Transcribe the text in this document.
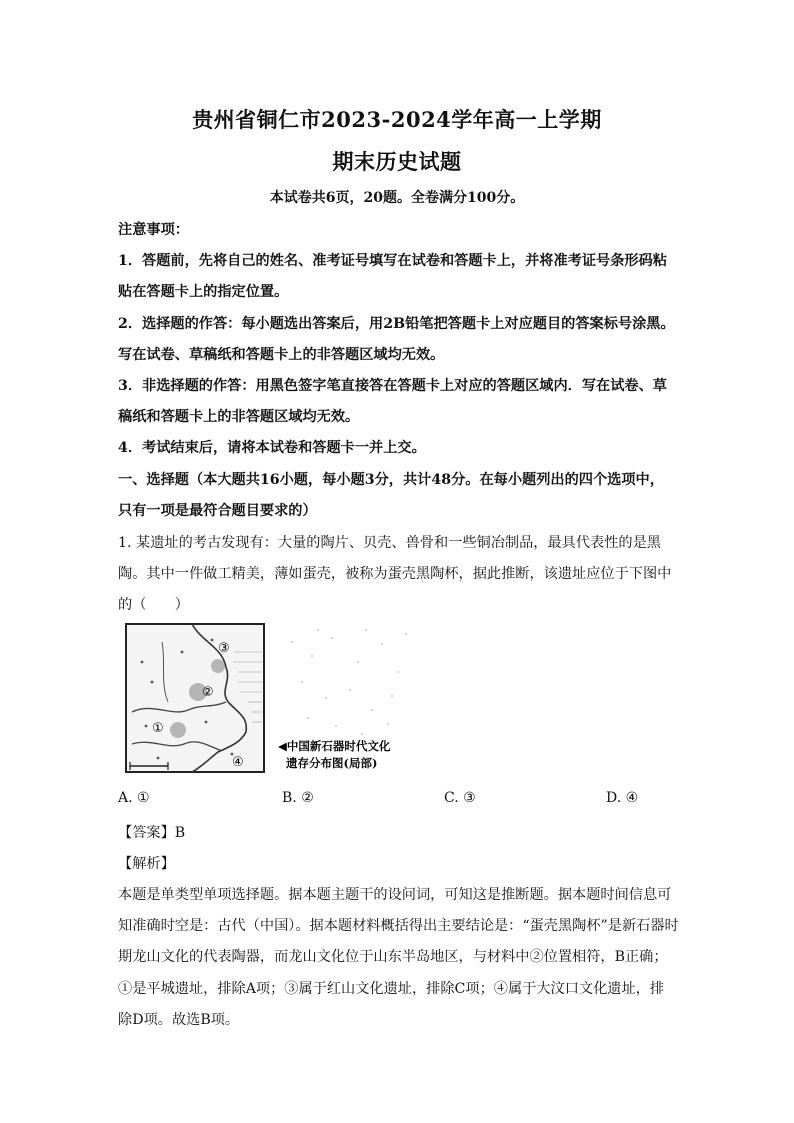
贵州省铜仁市2023-2024学年高一上学期
期末历史试题
本试卷共6页，20题。全卷满分100分。
注意事项：
1．答题前，先将自己的姓名、准考证号填写在试卷和答题卡上，并将准考证号条形码粘
贴在答题卡上的指定位置。
2．选择题的作答：每小题选出答案后，用2B铅笔把答题卡上对应题目的答案标号涂黑。
写在试卷、草稿纸和答题卡上的非答题区域均无效。
3．非选择题的作答：用黑色签字笔直接答在答题卡上对应的答题区域内．写在试卷、草
稿纸和答题卡上的非答题区域均无效。
4．考试结束后，请将本试卷和答题卡一并上交。
一、选择题（本大题共16小题，每小题3分，共计48分。在每小题列出的四个选项中，
只有一项是最符合题目要求的）
1. 某遗址的考古发现有：大量的陶片、贝壳、兽骨和一些铜冶制品，最具代表性的是黑
陶。其中一件做工精美，薄如蛋壳，被称为蛋壳黑陶杯，据此推断，该遗址应位于下图中
的（　　）
①
②
③
④
◀中国新石器时代文化
遗存分布图(局部)
A. ①	B. ②	C. ③	D. ④
【答案】B
【解析】
本题是单类型单项选择题。据本题主题干的设问词，可知这是推断题。据本题时间信息可
知准确时空是：古代（中国）。据本题材料概括得出主要结论是：“蛋壳黑陶杯”是新石器时
期龙山文化的代表陶器，而龙山文化位于山东半岛地区，与材料中②位置相符，B正确；
①是平城遗址，排除A项；③属于红山文化遗址，排除C项；④属于大汶口文化遗址，排
除D项。故选B项。
